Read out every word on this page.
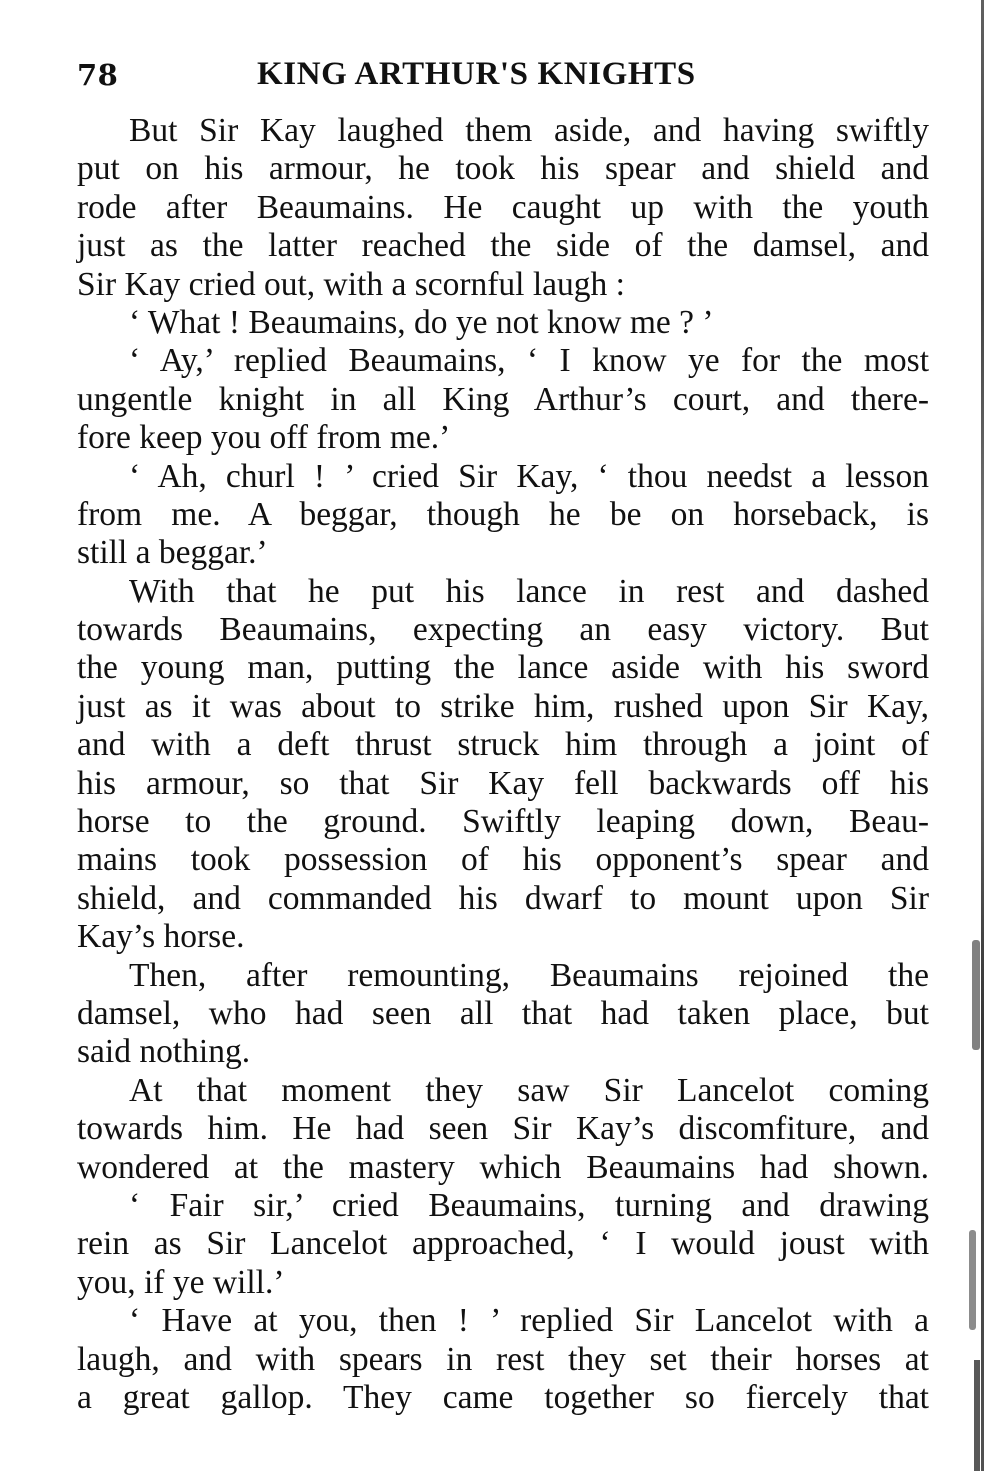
78	KING ARTHUR'S KNIGHTS
But Sir Kay laughed them aside, and having swiftly
put on his armour, he took his spear and shield and
rode after Beaumains. He caught up with the youth
just as the latter reached the side of the damsel, and
Sir Kay cried out, with a scornful laugh :
‘ What ! Beaumains, do ye not know me ? ’
‘ Ay,’ replied Beaumains, ‘ I know ye for the most
ungentle knight in all King Arthur’s court, and there-
fore keep you off from me.’
‘ Ah, churl ! ’ cried Sir Kay, ‘ thou needst a lesson
from me. A beggar, though he be on horseback, is
still a beggar.’
With that he put his lance in rest and dashed
towards Beaumains, expecting an easy victory. But
the young man, putting the lance aside with his sword
just as it was about to strike him, rushed upon Sir Kay,
and with a deft thrust struck him through a joint of
his armour, so that Sir Kay fell backwards off his
horse to the ground. Swiftly leaping down, Beau-
mains took possession of his opponent’s spear and
shield, and commanded his dwarf to mount upon Sir
Kay’s horse.
Then, after remounting, Beaumains rejoined the
damsel, who had seen all that had taken place, but
said nothing.
At that moment they saw Sir Lancelot coming
towards him. He had seen Sir Kay’s discomfiture, and
wondered at the mastery which Beaumains had shown.
‘ Fair sir,’ cried Beaumains, turning and drawing
rein as Sir Lancelot approached, ‘ I would joust with
you, if ye will.’
‘ Have at you, then ! ’ replied Sir Lancelot with a
laugh, and with spears in rest they set their horses at
a great gallop. They came together so fiercely that
